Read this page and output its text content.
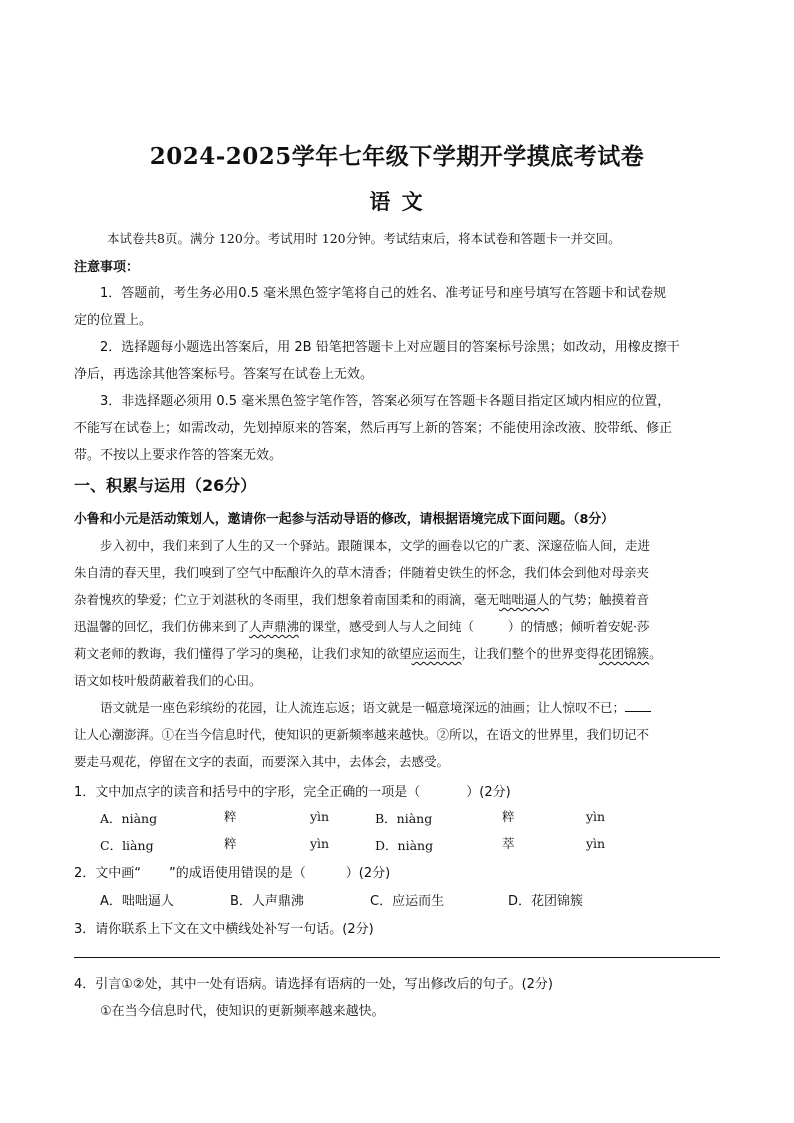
2024-2025学年七年级下学期开学摸底考试卷
语 文
本试卷共8页。满分 120分。考试用时 120分钟。考试结束后，将本试卷和答题卡一并交回。
注意事项：
1．答题前，考生务必用0.5 毫米黑色签字笔将自己的姓名、准考证号和座号填写在答题卡和试卷规
定的位置上。
2．选择题每小题选出答案后，用 2B 铅笔把答题卡上对应题目的答案标号涂黑；如改动，用橡皮擦干
净后，再选涂其他答案标号。答案写在试卷上无效。
3．非选择题必须用 0.5 毫米黑色签字笔作答，答案必须写在答题卡各题目指定区域内相应的位置，
不能写在试卷上；如需改动，先划掉原来的答案，然后再写上新的答案；不能使用涂改液、胶带纸、修正
带。不按以上要求作答的答案无效。
一、积累与运用（26分）
小鲁和小元是活动策划人，邀请你一起参与活动导语的修改，请根据语境完成下面问题。（8分）
步入初中，我们来到了人生的又一个驿站。跟随课本，文学的画卷以它的广袤、深邃莅临人间，走进
朱自清的春天里，我们嗅到了空气中酝酿许久的草木清香；伴随着史铁生的怀念，我们体会到他对母亲夹
杂着愧疚的挚爱；伫立于刘湛秋的冬雨里，我们想象着南国柔和的雨滴，毫无咄咄逼人的气势；触摸着音
迅温馨的回忆，我们仿佛来到了人声鼎沸的课堂，感受到人与人之间纯（	）的情感；倾听着安妮·莎
莉文老师的教诲，我们懂得了学习的奥秘，让我们求知的欲望应运而生，让我们整个的世界变得花团锦簇。
语文如枝叶般荫蔽着我们的心田。
语文就是一座色彩缤纷的花园，让人流连忘返；语文就是一幅意境深远的油画；让人惊叹不已；
让人心潮澎湃。①在当今信息时代，使知识的更新频率越来越快。②所以，在语文的世界里，我们切记不
要走马观花，停留在文字的表面，而要深入其中，去体会，去感受。
1．文中加点字的读音和括号中的字形，完全正确的一项是（	）(2分)
A．niàng	粹	yìn	B．niàng	粹	yìn
C．liàng	粹	yìn	D．niàng	萃	yìn
2．文中画“ ”的成语使用错误的是（	）(2分)
A．咄咄逼人	B．人声鼎沸	C．应运而生	D．花团锦簇
3．请你联系上下文在文中横线处补写一句话。(2分)
4．引言①②处，其中一处有语病。请选择有语病的一处，写出修改后的句子。(2分)
①在当今信息时代，使知识的更新频率越来越快。
